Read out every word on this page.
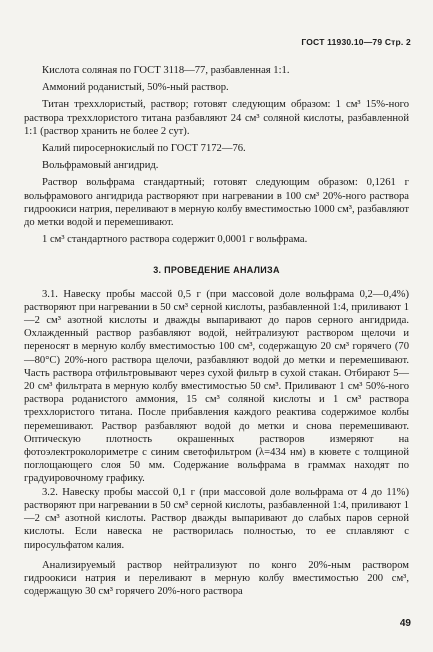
ГОСТ 11930.10—79 Стр. 2

Кислота соляная по ГОСТ 3118—77, разбавленная 1:1.

Аммоний роданистый, 50%-ный раствор.

Титан треххлористый, раствор; готовят следующим образом: 1 см³ 15%-ного раствора треххлористого титана разбавляют 24 см³ соляной кислоты, разбавленной 1:1 (раствор хранить не более 2 сут).

Калий пиросернокислый по ГОСТ 7172—76.

Вольфрамовый ангидрид.

Раствор вольфрама стандартный; готовят следующим образом: 0,1261 г вольфрамового ангидрида растворяют при нагревании в 100 см³ 20%-ного раствора гидроокиси натрия, переливают в мерную колбу вместимостью 1000 см³, разбавляют до метки водой и перемешивают.

1 см³ стандартного раствора содержит 0,0001 г вольфрама.

3. ПРОВЕДЕНИЕ АНАЛИЗА

3.1. Навеску пробы массой 0,5 г (при массовой доле вольфрама 0,2—0,4%) растворяют при нагревании в 50 см³ серной кислоты, разбавленной 1:4, приливают 1—2 см³ азотной кислоты и дважды выпаривают до паров серного ангидрида. Охлажденный раствор разбавляют водой, нейтрализуют раствором щелочи и переносят в мерную колбу вместимостью 100 см³, содержащую 20 см³ горячего (70—80°С) 20%-ного раствора щелочи, разбавляют водой до метки и перемешивают. Часть раствора отфильтровывают через сухой фильтр в сухой стакан. Отбирают 5—20 см³ фильтрата в мерную колбу вместимостью 50 см³. Приливают 1 см³ 50%-ного раствора роданистого аммония, 15 см³ соляной кислоты и 1 см³ раствора треххлористого титана. После прибавления каждого реактива содержимое колбы перемешивают. Раствор разбавляют водой до метки и снова перемешивают. Оптическую плотность окрашенных растворов измеряют на фотоэлектроколориметре с синим светофильтром (λ=434 нм) в кювете с толщиной поглощающего слоя 50 мм. Содержание вольфрама в граммах находят по градуировочному графику.

3.2. Навеску пробы массой 0,1 г (при массовой доле вольфрама от 4 до 11%) растворяют при нагревании в 50 см³ серной кислоты, разбавленной 1:4, приливают 1—2 см³ азотной кислоты. Раствор дважды выпаривают до слабых паров серной кислоты. Если навеска не растворилась полностью, то ее сплавляют с пиросульфатом калия.

Анализируемый раствор нейтрализуют по конго 20%-ным раствором гидроокиси натрия и переливают в мерную колбу вместимостью 200 см³, содержащую 30 см³ горячего 20%-ного раствора

49
